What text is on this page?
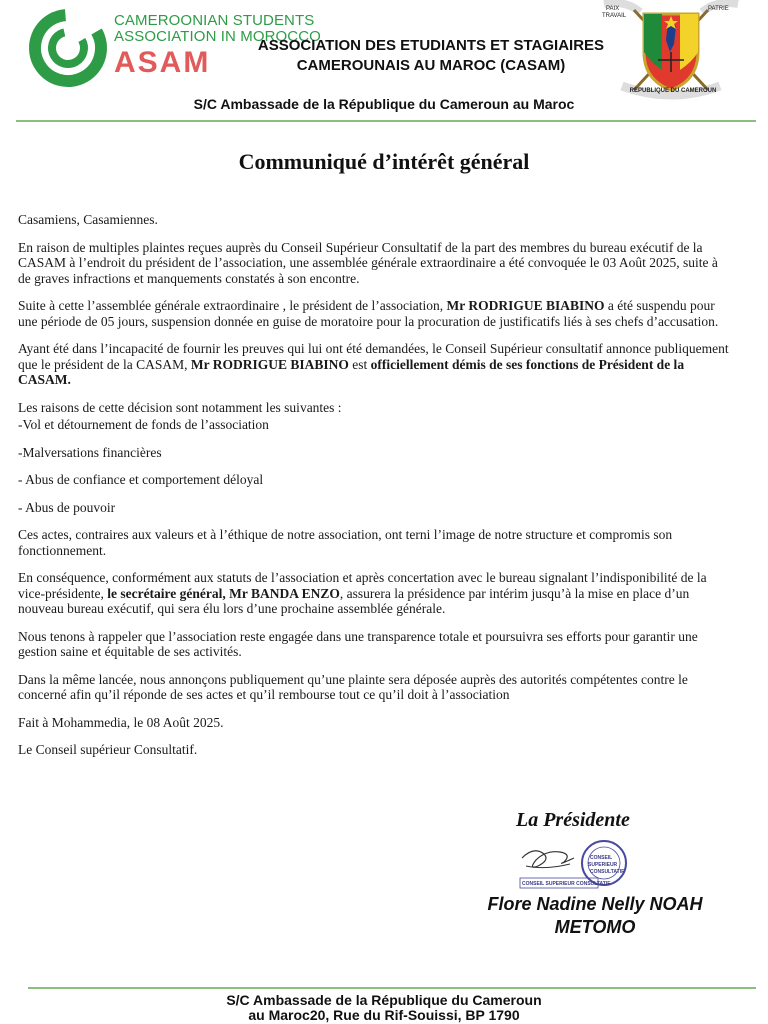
CAMEROONIAN STUDENTS
ASSOCIATION IN MOROCCO
ASAM
ASSOCIATION DES ETUDIANTS ET STAGIAIRES
CAMEROUNAIS AU MAROC (CASAM)
PAIX
TRAVAIL
PATRIE
REPUBLIQUE DU CAMEROUN
S/C Ambassade de la République du Cameroun au Maroc
Communiqué d’intérêt général

Casamiens, Casamiennes.

En raison de multiples plaintes reçues auprès du Conseil Supérieur Consultatif de la part des membres du bureau exécutif de la CASAM à l’endroit du président de l’association, une assemblée générale extraordinaire a été convoquée le 03 Août 2025, suite à de graves infractions et manquements constatés à son encontre.

Suite à cette l’assemblée générale extraordinaire , le président de l’association, Mr RODRIGUE BIABINO a été suspendu pour une période de 05 jours, suspension donnée en guise de moratoire pour la procuration de justificatifs liés à ses chefs d’accusation.

Ayant été dans l’incapacité de fournir les preuves qui lui ont été demandées, le Conseil Supérieur consultatif annonce publiquement que le président de la CASAM, Mr RODRIGUE BIABINO est officiellement démis de ses fonctions de Président de la CASAM.

Les raisons de cette décision sont notamment les suivantes :

-Vol et détournement de fonds de l’association

-Malversations financières

- Abus de confiance et comportement déloyal

- Abus de pouvoir

Ces actes, contraires aux valeurs et à l’éthique de notre association, ont terni l’image de notre structure et compromis son fonctionnement.

En conséquence, conformément aux statuts de l’association et après concertation avec le bureau signalant l’indisponibilité de la vice-présidente, le secrétaire général, Mr BANDA ENZO, assurera la présidence par intérim jusqu’à la mise en place d’un nouveau bureau exécutif, qui sera élu lors d’une prochaine assemblée générale.

Nous tenons à rappeler que l’association reste engagée dans une transparence totale et poursuivra ses efforts pour garantir une gestion saine et équitable de ses activités.

Dans la même lancée, nous annonçons publiquement qu’une plainte sera déposée auprès des autorités compétentes contre le concerné afin qu’il réponde de ses actes et qu’il rembourse tout ce qu’il doit à l’association

Fait à Mohammedia, le 08 Août 2025.

Le Conseil supérieur Consultatif.

La Présidente
CONSEIL
SUPERIEUR
CONSULTATIF
CONSEIL SUPERIEUR CONSULTATIF
Flore Nadine Nelly NOAH
METOMO
S/C Ambassade de la République du Cameroun
au Maroc20, Rue du Rif-Souissi, BP 1790
